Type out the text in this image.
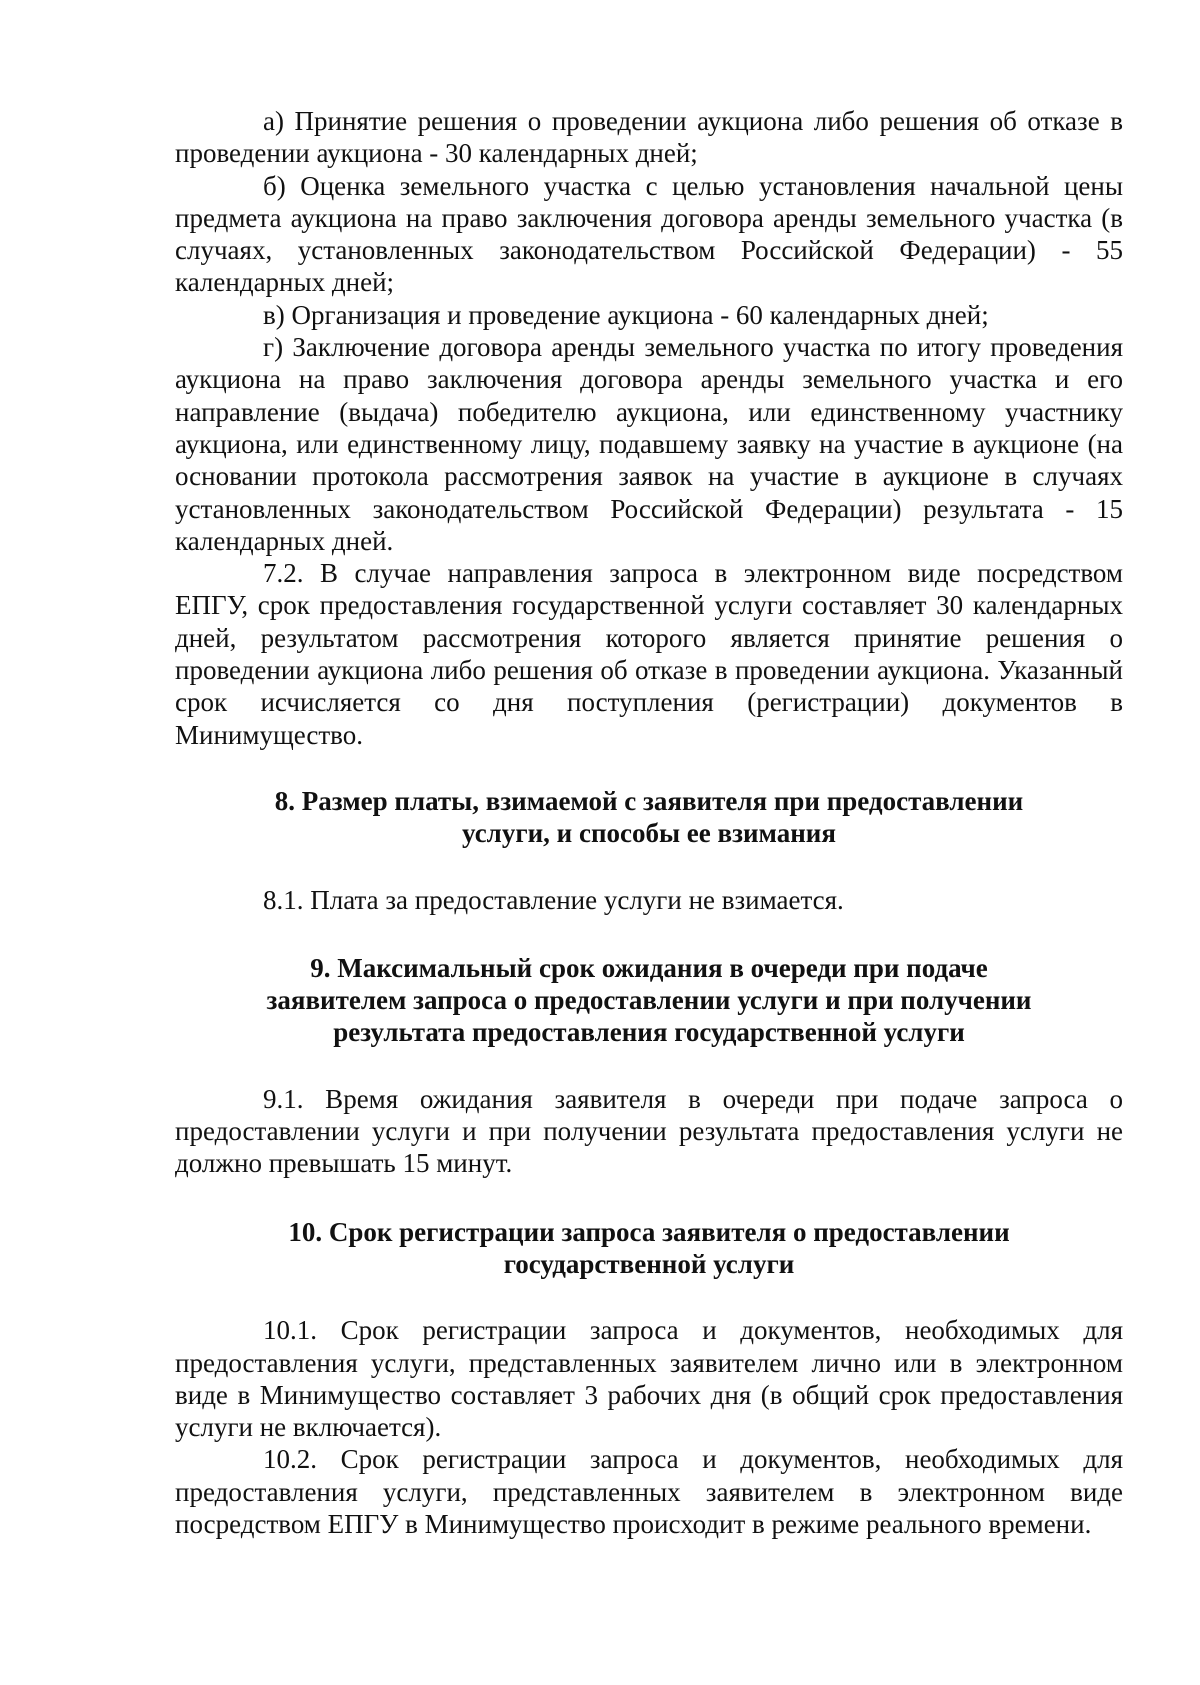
а) Принятие решения о проведении аукциона либо решения об отказе в проведении аукциона - 30 календарных дней;

б) Оценка земельного участка с целью установления начальной цены предмета аукциона на право заключения договора аренды земельного участка (в случаях, установленных законодательством Российской Федерации) - 55 календарных дней;

в) Организация и проведение аукциона - 60 календарных дней;

г) Заключение договора аренды земельного участка по итогу проведения аукциона на право заключения договора аренды земельного участка и его направление (выдача) победителю аукциона, или единственному участнику аукциона, или единственному лицу, подавшему заявку на участие в аукционе (на основании протокола рассмотрения заявок на участие в аукционе в случаях установленных законодательством Российской Федерации) результата - 15 календарных дней.

7.2. В случае направления запроса в электронном виде посредством ЕПГУ, срок предоставления государственной услуги составляет 30 календарных дней, результатом рассмотрения которого является принятие решения о проведении аукциона либо решения об отказе в проведении аукциона. Указанный срок исчисляется со дня поступления (регистрации) документов в Минимущество.

8. Размер платы, взимаемой с заявителя при предоставлении

услуги, и способы ее взимания

8.1. Плата за предоставление услуги не взимается.

9. Максимальный срок ожидания в очереди при подаче

заявителем запроса о предоставлении услуги и при получении

результата предоставления государственной услуги

9.1. Время ожидания заявителя в очереди при подаче запроса о предоставлении услуги и при получении результата предоставления услуги не должно превышать 15 минут.

10. Срок регистрации запроса заявителя о предоставлении

государственной услуги

10.1. Срок регистрации запроса и документов, необходимых для предоставления услуги, представленных заявителем лично или в электронном виде в Минимущество составляет 3 рабочих дня (в общий срок предоставления услуги не включается).

10.2. Срок регистрации запроса и документов, необходимых для предоставления услуги, представленных заявителем в электронном виде посредством ЕПГУ в Минимущество происходит в режиме реального времени.
